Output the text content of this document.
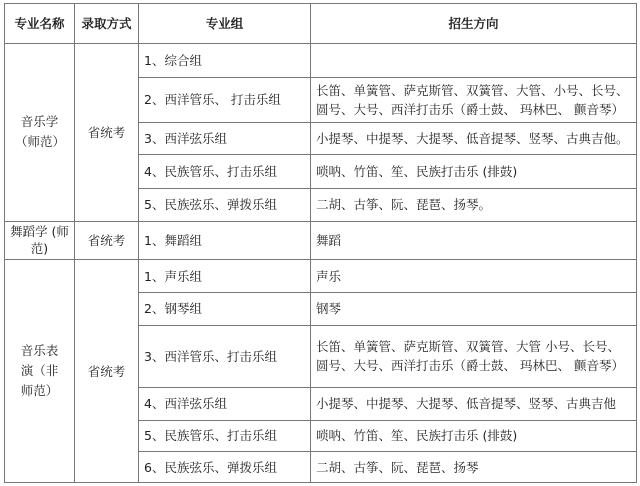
专业名称	录取方式	专业组	招生方向
音乐学（师范）	省统考	1、综合组	
		2、西洋管乐、 打击乐组	长笛、单簧管、萨克斯管、双簧管、大管、小号、长号、圆号、大号、西洋打击乐（爵士鼓、 玛林巴、 颤音琴）
		3、西洋弦乐组	小提琴、中提琴、大提琴、低音提琴、竖琴、古典吉他。
		4、民族管乐、打击乐组	唢呐、竹笛、笙、民族打击乐 (排鼓)
		5、民族弦乐、弹拨乐组	二胡、古筝、阮、琵琶、扬琴。
舞蹈学 (师范)	省统考	1、舞蹈组	舞蹈
音乐表演（非师范）	省统考	1、声乐组	声乐
		2、钢琴组	钢琴
		3、西洋管乐、打击乐组	长笛、单簧管、萨克斯管、双簧管、大管 小号、长号、圆号、大号、西洋打击乐（爵士鼓、 玛林巴、 颤音琴）
		4、西洋弦乐组	小提琴、中提琴、大提琴、低音提琴、竖琴、古典吉他
		5、民族管乐、打击乐组	唢呐、竹笛、笙、民族打击乐 (排鼓)
		6、民族弦乐、弹拨乐组	二胡、古筝、阮、琵琶、扬琴
